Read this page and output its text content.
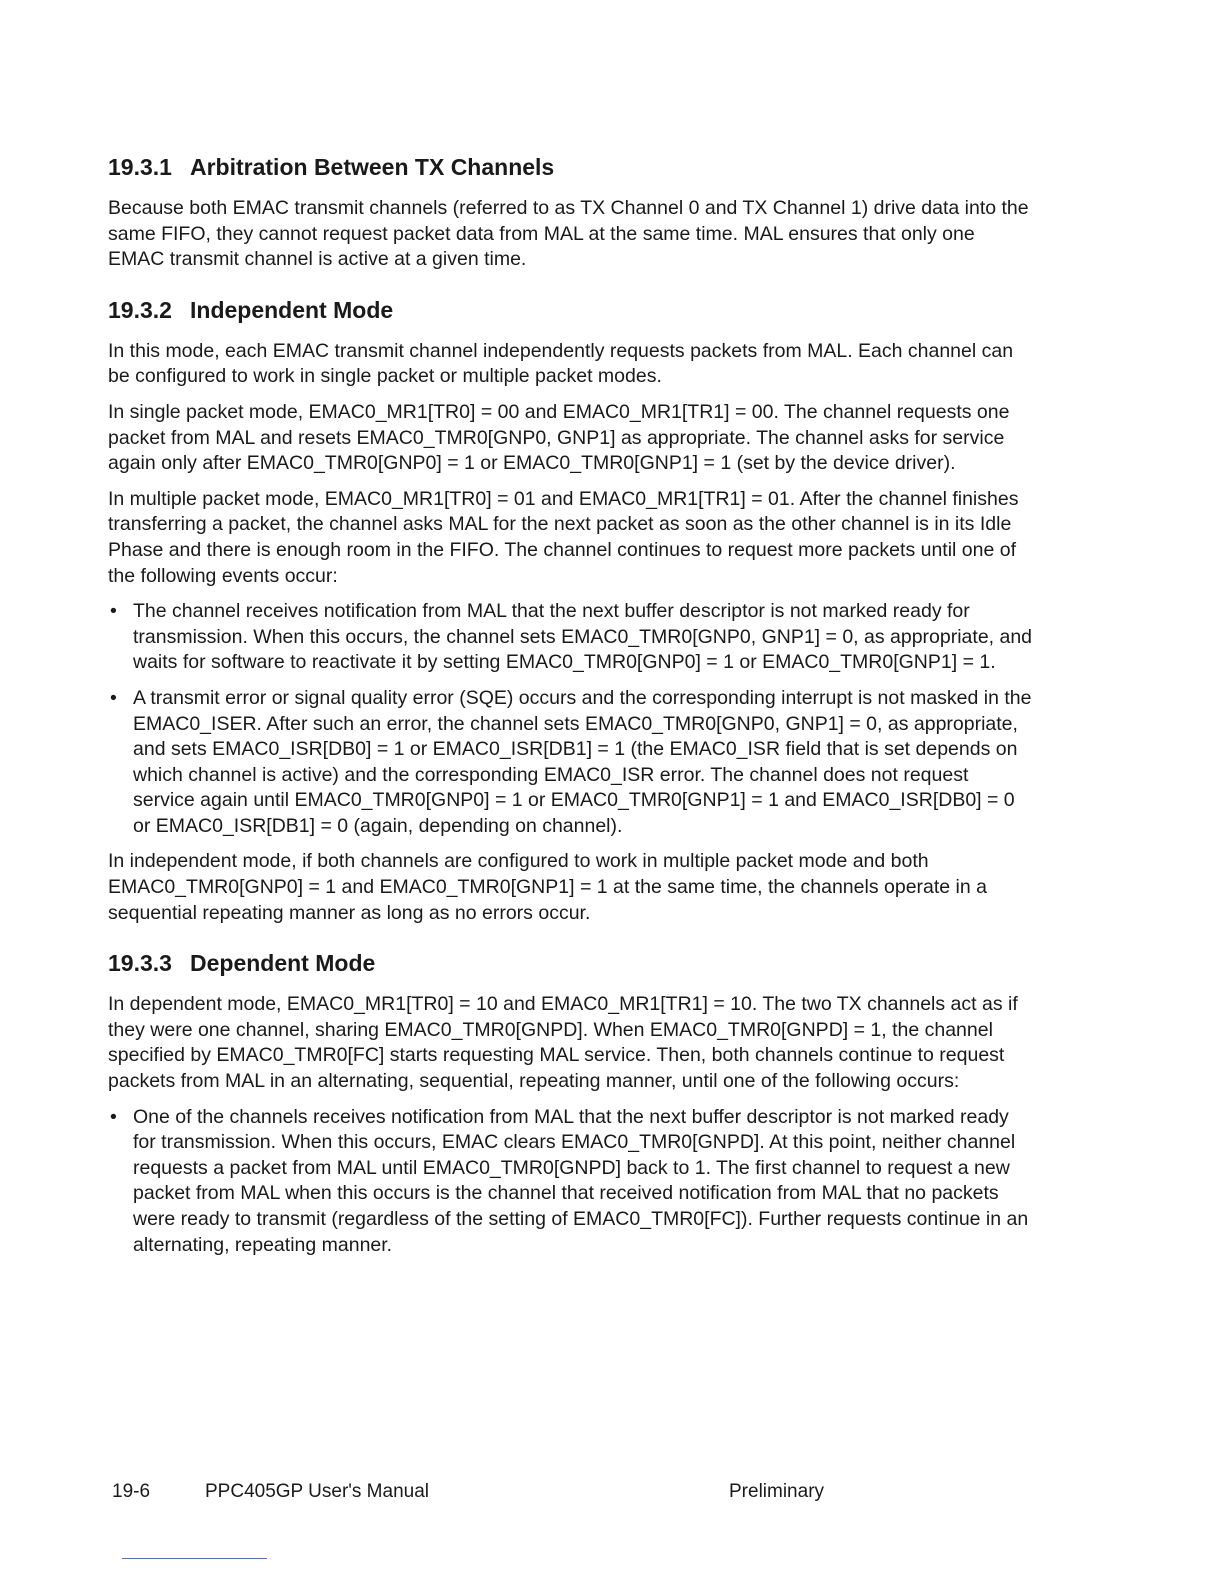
19.3.1 Arbitration Between TX Channels

Because both EMAC transmit channels (referred to as TX Channel 0 and TX Channel 1) drive data into the same FIFO, they cannot request packet data from MAL at the same time. MAL ensures that only one EMAC transmit channel is active at a given time.

19.3.2 Independent Mode

In this mode, each EMAC transmit channel independently requests packets from MAL. Each channel can be configured to work in single packet or multiple packet modes.

In single packet mode, EMAC0_MR1[TR0] = 00 and EMAC0_MR1[TR1] = 00. The channel requests one packet from MAL and resets EMAC0_TMR0[GNP0, GNP1] as appropriate. The channel asks for service again only after EMAC0_TMR0[GNP0] = 1 or EMAC0_TMR0[GNP1] = 1 (set by the device driver).

In multiple packet mode, EMAC0_MR1[TR0] = 01 and EMAC0_MR1[TR1] = 01. After the channel finishes transferring a packet, the channel asks MAL for the next packet as soon as the other channel is in its Idle Phase and there is enough room in the FIFO. The channel continues to request more packets until one of the following events occur:

• The channel receives notification from MAL that the next buffer descriptor is not marked ready for transmission. When this occurs, the channel sets EMAC0_TMR0[GNP0, GNP1] = 0, as appropriate, and waits for software to reactivate it by setting EMAC0_TMR0[GNP0] = 1 or EMAC0_TMR0[GNP1] = 1.
• A transmit error or signal quality error (SQE) occurs and the corresponding interrupt is not masked in the EMAC0_ISER. After such an error, the channel sets EMAC0_TMR0[GNP0, GNP1] = 0, as appropriate, and sets EMAC0_ISR[DB0] = 1 or EMAC0_ISR[DB1] = 1 (the EMAC0_ISR field that is set depends on which channel is active) and the corresponding EMAC0_ISR error. The channel does not request service again until EMAC0_TMR0[GNP0] = 1 or EMAC0_TMR0[GNP1] = 1 and EMAC0_ISR[DB0] = 0 or EMAC0_ISR[DB1] = 0 (again, depending on channel).

In independent mode, if both channels are configured to work in multiple packet mode and both EMAC0_TMR0[GNP0] = 1 and EMAC0_TMR0[GNP1] = 1 at the same time, the channels operate in a sequential repeating manner as long as no errors occur.

19.3.3 Dependent Mode

In dependent mode, EMAC0_MR1[TR0] = 10 and EMAC0_MR1[TR1] = 10. The two TX channels act as if they were one channel, sharing EMAC0_TMR0[GNPD]. When EMAC0_TMR0[GNPD] = 1, the channel specified by EMAC0_TMR0[FC] starts requesting MAL service. Then, both channels continue to request packets from MAL in an alternating, sequential, repeating manner, until one of the following occurs:

• One of the channels receives notification from MAL that the next buffer descriptor is not marked ready for transmission. When this occurs, EMAC clears EMAC0_TMR0[GNPD]. At this point, neither channel requests a packet from MAL until EMAC0_TMR0[GNPD] back to 1. The first channel to request a new packet from MAL when this occurs is the channel that received notification from MAL that no packets were ready to transmit (regardless of the setting of EMAC0_TMR0[FC]). Further requests continue in an alternating, repeating manner.
19-6	PPC405GP User's Manual	Preliminary
